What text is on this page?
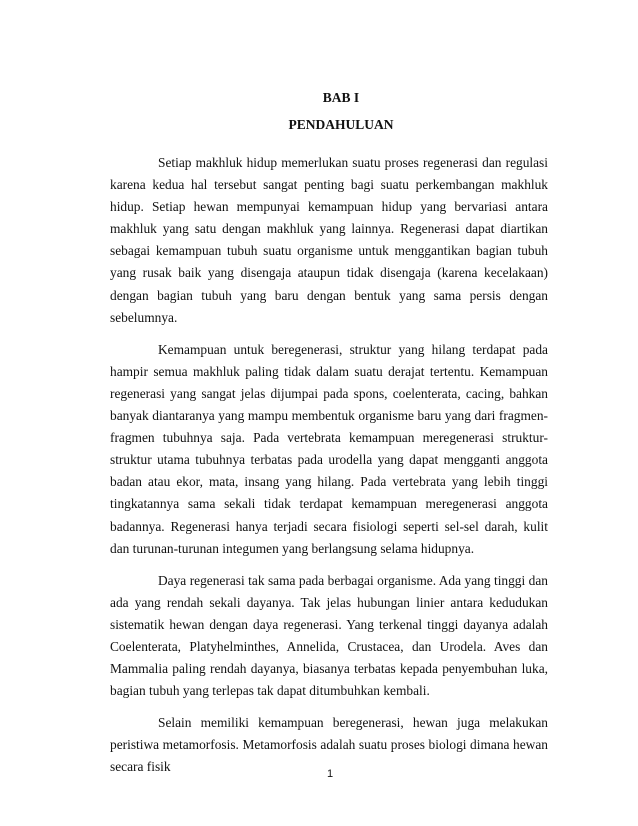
BAB I
PENDAHULUAN

Setiap makhluk hidup memerlukan suatu proses regenerasi dan regulasi karena kedua hal tersebut sangat penting bagi suatu perkembangan makhluk hidup. Setiap hewan mempunyai kemampuan hidup yang bervariasi antara makhluk yang satu dengan makhluk yang lainnya. Regenerasi dapat diartikan sebagai kemampuan tubuh suatu organisme untuk menggantikan bagian tubuh yang rusak baik yang disengaja ataupun tidak disengaja (karena kecelakaan) dengan bagian tubuh yang baru dengan bentuk yang sama persis dengan sebelumnya.

Kemampuan untuk beregenerasi, struktur yang hilang terdapat pada hampir semua makhluk paling tidak dalam suatu derajat tertentu. Kemampuan regenerasi yang sangat jelas dijumpai pada spons, coelenterata, cacing, bahkan banyak diantaranya yang mampu membentuk organisme baru yang dari fragmen-fragmen tubuhnya saja. Pada vertebrata kemampuan meregenerasi struktur-struktur utama tubuhnya terbatas pada urodella yang dapat mengganti anggota badan atau ekor, mata, insang yang hilang. Pada vertebrata yang lebih tinggi tingkatannya sama sekali tidak terdapat kemampuan meregenerasi anggota badannya. Regenerasi hanya terjadi secara fisiologi seperti sel-sel darah, kulit dan turunan-turunan integumen yang berlangsung selama hidupnya.

Daya regenerasi tak sama pada berbagai organisme. Ada yang tinggi dan ada yang rendah sekali dayanya. Tak jelas hubungan linier antara kedudukan sistematik hewan dengan daya regenerasi. Yang terkenal tinggi dayanya adalah Coelenterata, Platyhelminthes, Annelida, Crustacea, dan Urodela. Aves dan Mammalia paling rendah dayanya, biasanya terbatas kepada penyembuhan luka, bagian tubuh yang terlepas tak dapat ditumbuhkan kembali.

Selain memiliki kemampuan beregenerasi, hewan juga melakukan peristiwa metamorfosis. Metamorfosis adalah suatu proses biologi dimana hewan secara fisik	1
